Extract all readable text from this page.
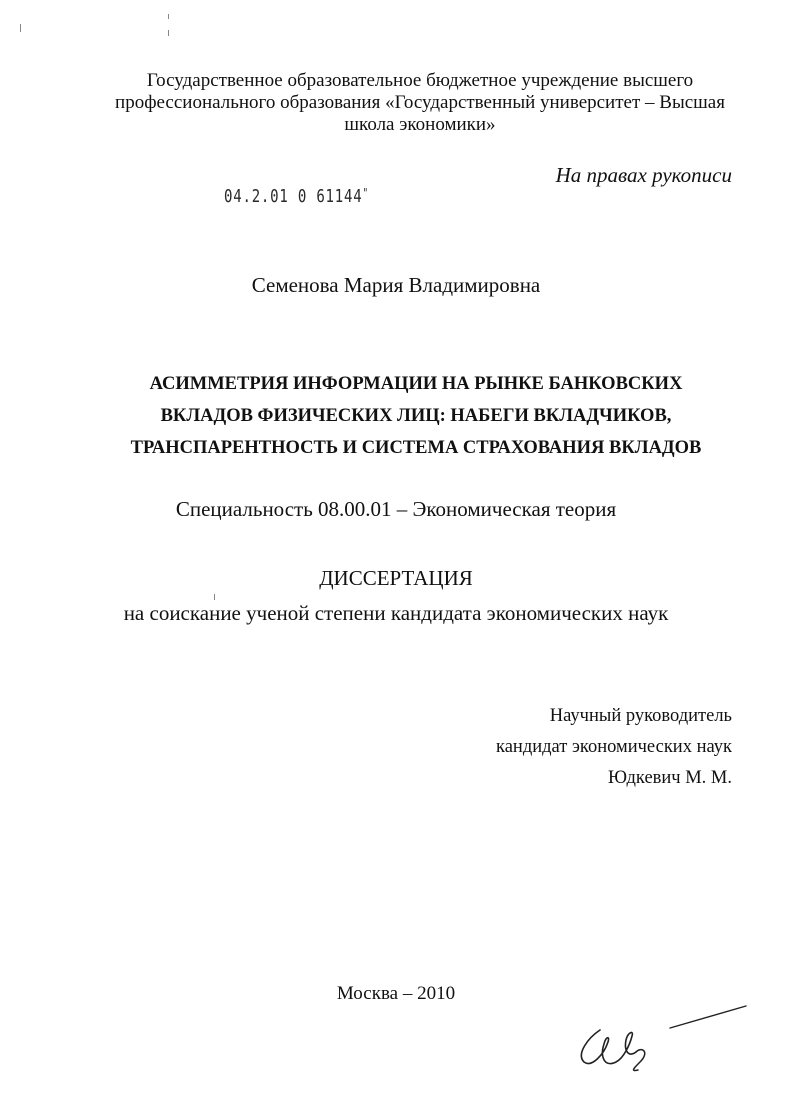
Государственное образовательное бюджетное учреждение высшего
профессионального образования «Государственный университет – Высшая
школа экономики»
На правах рукописи
04.2.01 0 61144"
Семенова Мария Владимировна
АСИММЕТРИЯ ИНФОРМАЦИИ НА РЫНКЕ БАНКОВСКИХ
ВКЛАДОВ ФИЗИЧЕСКИХ ЛИЦ: НАБЕГИ ВКЛАДЧИКОВ,
ТРАНСПАРЕНТНОСТЬ И СИСТЕМА СТРАХОВАНИЯ ВКЛАДОВ
Специальность 08.00.01 – Экономическая теория
ДИССЕРТАЦИЯ
на соискание ученой степени кандидата экономических наук
Научный руководитель
кандидат экономических наук
Юдкевич М. М.
Москва – 2010
